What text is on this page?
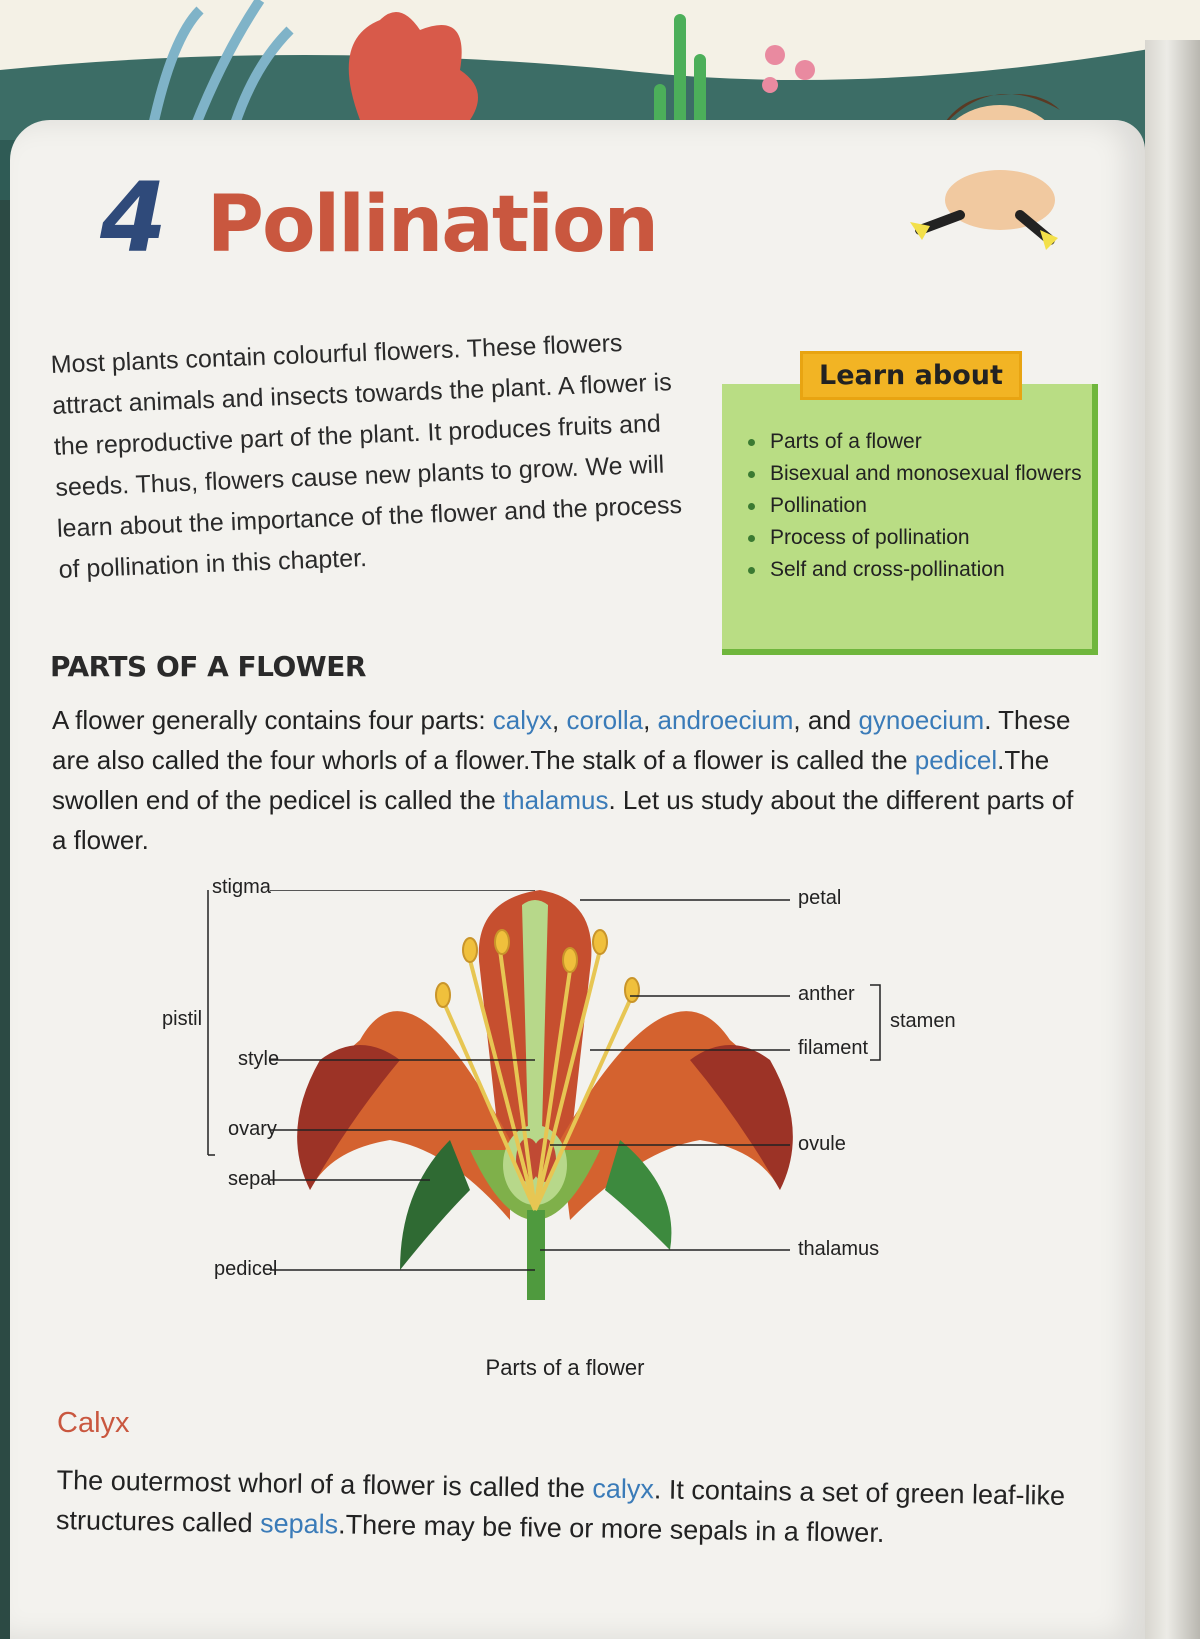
4 Pollination

Most plants contain colourful flowers. These flowers attract animals and insects towards the plant. A flower is the reproductive part of the plant. It produces fruits and seeds. Thus, flowers cause new plants to grow. We will learn about the importance of the flower and the process of pollination in this chapter.

Parts of a flower
Bisexual and monosexual flowers
Pollination
Process of pollination
Self and cross-pollination
Learn about
PARTS OF A FLOWER

A flower generally contains four parts: calyx, corolla, androecium, and gynoecium. These are also called the four whorls of a flower.The stalk of a flower is called the pedicel.The swollen end of the pedicel is called the thalamus. Let us study about the different parts of a flower.

stigma
pistil
style
ovary
sepal
pedicel
petal
anther
filament
stamen
ovule
thalamus
Parts of a flower
Calyx

The outermost whorl of a flower is called the calyx. It contains a set of green leaf-like structures called sepals.There may be five or more sepals in a flower.
